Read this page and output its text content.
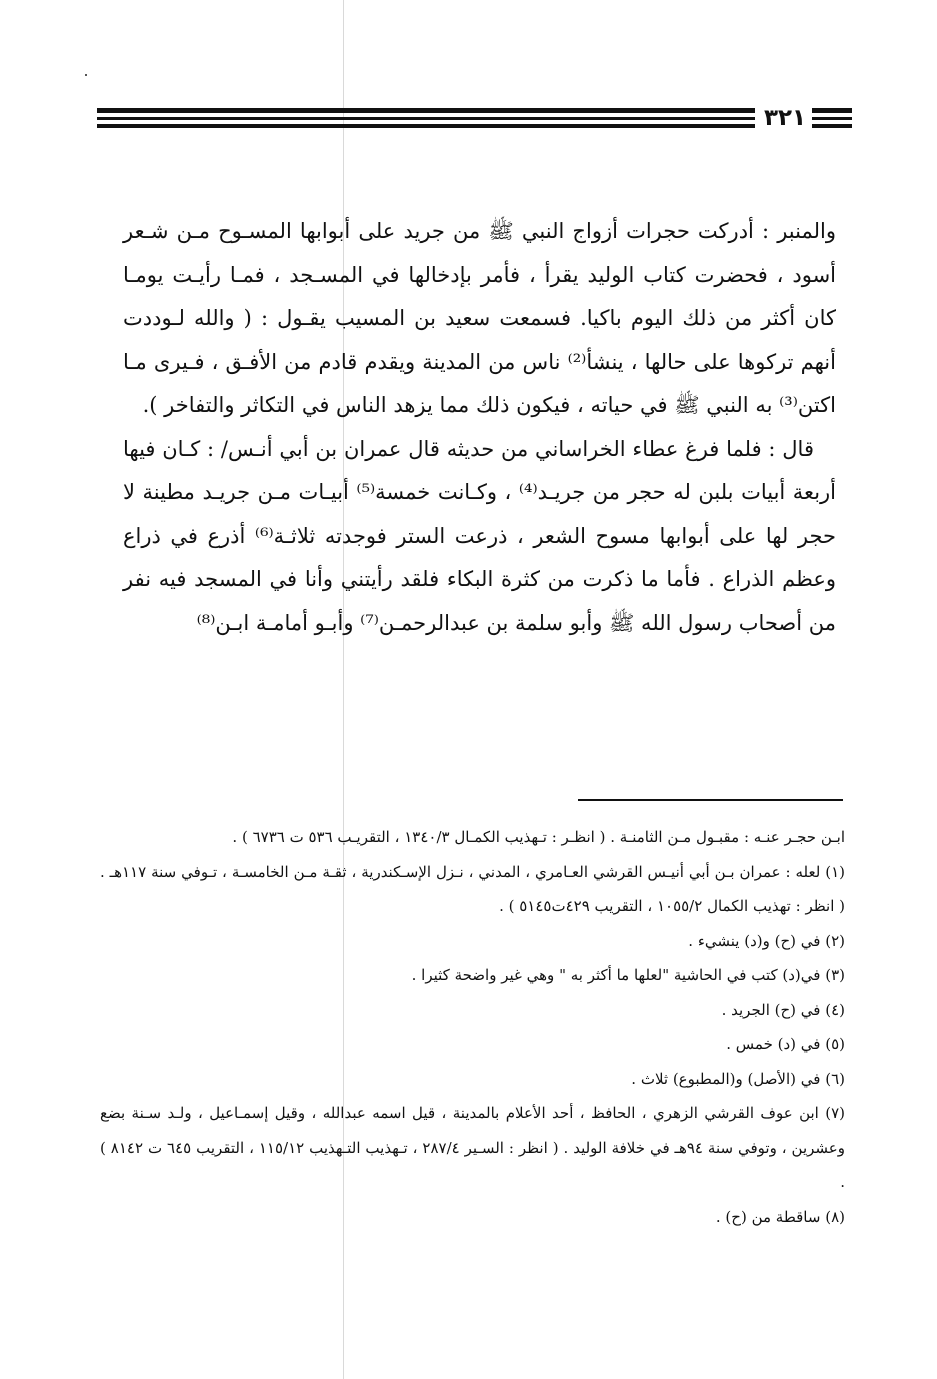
٣٢١

والمنبر : أدركت حجرات أزواج النبي ﷺ من جريد على أبوابها المسـوح مـن شـعر أسود ، فحضرت كتاب الوليد يقرأ ، فأمر بإدخالها في المسـجد ، فمـا رأيـت يومـا كان أكثر من ذلك اليوم باكيا. فسمعت سعيد بن المسيب يقـول : ( والله لـوددت أنهم تركوها على حالها ، ينشأ⁽²⁾ ناس من المدينة ويقدم قادم من الأفـق ، فـيرى مـا اكتن⁽³⁾ به النبي ﷺ في حياته ، فيكون ذلك مما يزهد الناس في التكاثر والتفاخر ).

قال : فلما فرغ عطاء الخراساني من حديثه قال عمران بن أبي أنـس/ : كـان فيها أربعة أبيات بلبن له حجر من جريـد⁽⁴⁾ ، وكـانت خمسة⁽⁵⁾ أبيـات مـن جريـد مطينة لا حجر لها على أبوابها مسوح الشعر ، ذرعت الستر فوجدته ثلاثـة⁽⁶⁾ أذرع في ذراع وعظم الذراع . فأما ما ذكرت من كثرة البكاء فلقد رأيتني وأنا في المسجد فيه نفر من أصحاب رسول الله ﷺ وأبو سلمة بن عبدالرحمـن⁽⁷⁾ وأبـو أمامـة ابـن⁽⁸⁾

ابـن حجـر عنـه : مقبـول مـن الثامنـة . ( انظـر : تـهذيب الكمـال ١٣٤٠/٣ ، التقريـب ٥٣٦ ت ٦٧٣٦ ) .

(١) لعله : عمران بـن أبي أنيـس القرشي العـامري ، المدني ، نـزل الإسـكندرية ، ثقـة مـن الخامسـة ، تـوفي سنة ١١٧هـ . ( انظر : تهذيب الكمال ١٠٥٥/٢ ، التقريب ٤٢٩ت٥١٤٥ ) .

(٢) في (ح) و(د) ينشيء .

(٣) في(د) كتب في الحاشية "لعلها ما أكثر به " وهي غير واضحة كثيرا .

(٤) في (ح) الجريد .

(٥) في (د) خمس .

(٦) في (الأصل) و(المطبوع) ثلاث .

(٧) ابن عوف القرشي الزهري ، الحافظ ، أحد الأعلام بالمدينة ، قيل اسمه عبدالله ، وقيل إسمـاعيل ، ولـد سـنة بضع وعشرين ، وتوفي سنة ٩٤هـ في خلافة الوليد . ( انظر : السـير ٢٨٧/٤ ، تـهذيب التـهذيب ١١٥/١٢ ، التقريب ٦٤٥ ت ٨١٤٢ ) .

(٨) ساقطة من (ح) .
